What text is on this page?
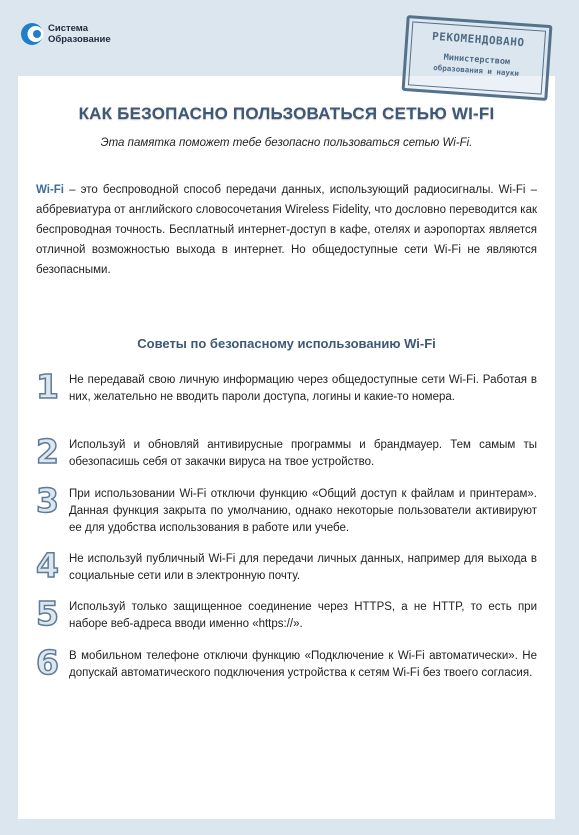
Система
Образование	РЕКОМЕНДОВАНО
Министерством
образования и науки
КАК БЕЗОПАСНО ПОЛЬЗОВАТЬСЯ СЕТЬЮ WI-FI
Эта памятка поможет тебе безопасно пользоваться сетью Wi-Fi.
Wi-Fi – это беспроводной способ передачи данных, использующий радиосигналы. Wi-Fi – аббревиатура от английского словосочетания Wireless Fidelity, что дословно переводится как беспроводная точность. Бесплатный интернет-доступ в кафе, отелях и аэропортах является отличной возможностью выхода в интернет. Но общедоступные сети Wi-Fi не являются безопасными.
Советы по безопасному использованию Wi-Fi
1 Не передавай свою личную информацию через общедоступные сети Wi-Fi. Работая в них, желательно не вводить пароли доступа, логины и какие-то номера.
2 Используй и обновляй антивирусные программы и брандмауер. Тем самым ты обезопасишь себя от закачки вируса на твое устройство.
3 При использовании Wi-Fi отключи функцию «Общий доступ к файлам и принтерам». Данная функция закрыта по умолчанию, однако некоторые пользователи активируют ее для удобства использования в работе или учебе.
4 Не используй публичный Wi-Fi для передачи личных данных, например для выхода в социальные сети или в электронную почту.
5 Используй только защищенное соединение через HTTPS, а не HTTP, то есть при наборе веб-адреса вводи именно «https://».
6 В мобильном телефоне отключи функцию «Подключение к Wi-Fi автоматически». Не допускай автоматического подключения устройства к сетям Wi-Fi без твоего согласия.
